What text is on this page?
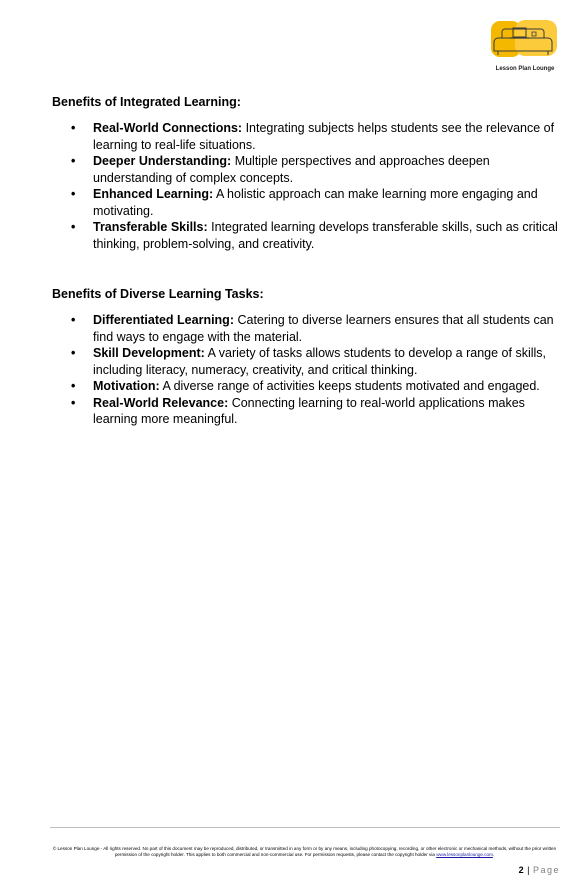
Lesson Plan Lounge

Benefits of Integrated Learning:

• Real-World Connections: Integrating subjects helps students see the relevance of learning to real-life situations.
• Deeper Understanding: Multiple perspectives and approaches deepen understanding of complex concepts.
• Enhanced Learning: A holistic approach can make learning more engaging and motivating.
• Transferable Skills: Integrated learning develops transferable skills, such as critical thinking, problem-solving, and creativity.

Benefits of Diverse Learning Tasks:

• Differentiated Learning: Catering to diverse learners ensures that all students can find ways to engage with the material.
• Skill Development: A variety of tasks allows students to develop a range of skills, including literacy, numeracy, creativity, and critical thinking.
• Motivation: A diverse range of activities keeps students motivated and engaged.
• Real-World Relevance: Connecting learning to real-world applications makes learning more meaningful.
© Lesson Plan Lounge - All rights reserved. No part of this document may be reproduced, distributed, or transmitted in any form or by any means, including photocopying, recording, or other electronic or mechanical methods, without the prior written permission of the copyright holder. This applies to both commercial and non-commercial use. For permission requests, please contact the copyright holder via www.lessonplanlounge.com.
2 | Page
